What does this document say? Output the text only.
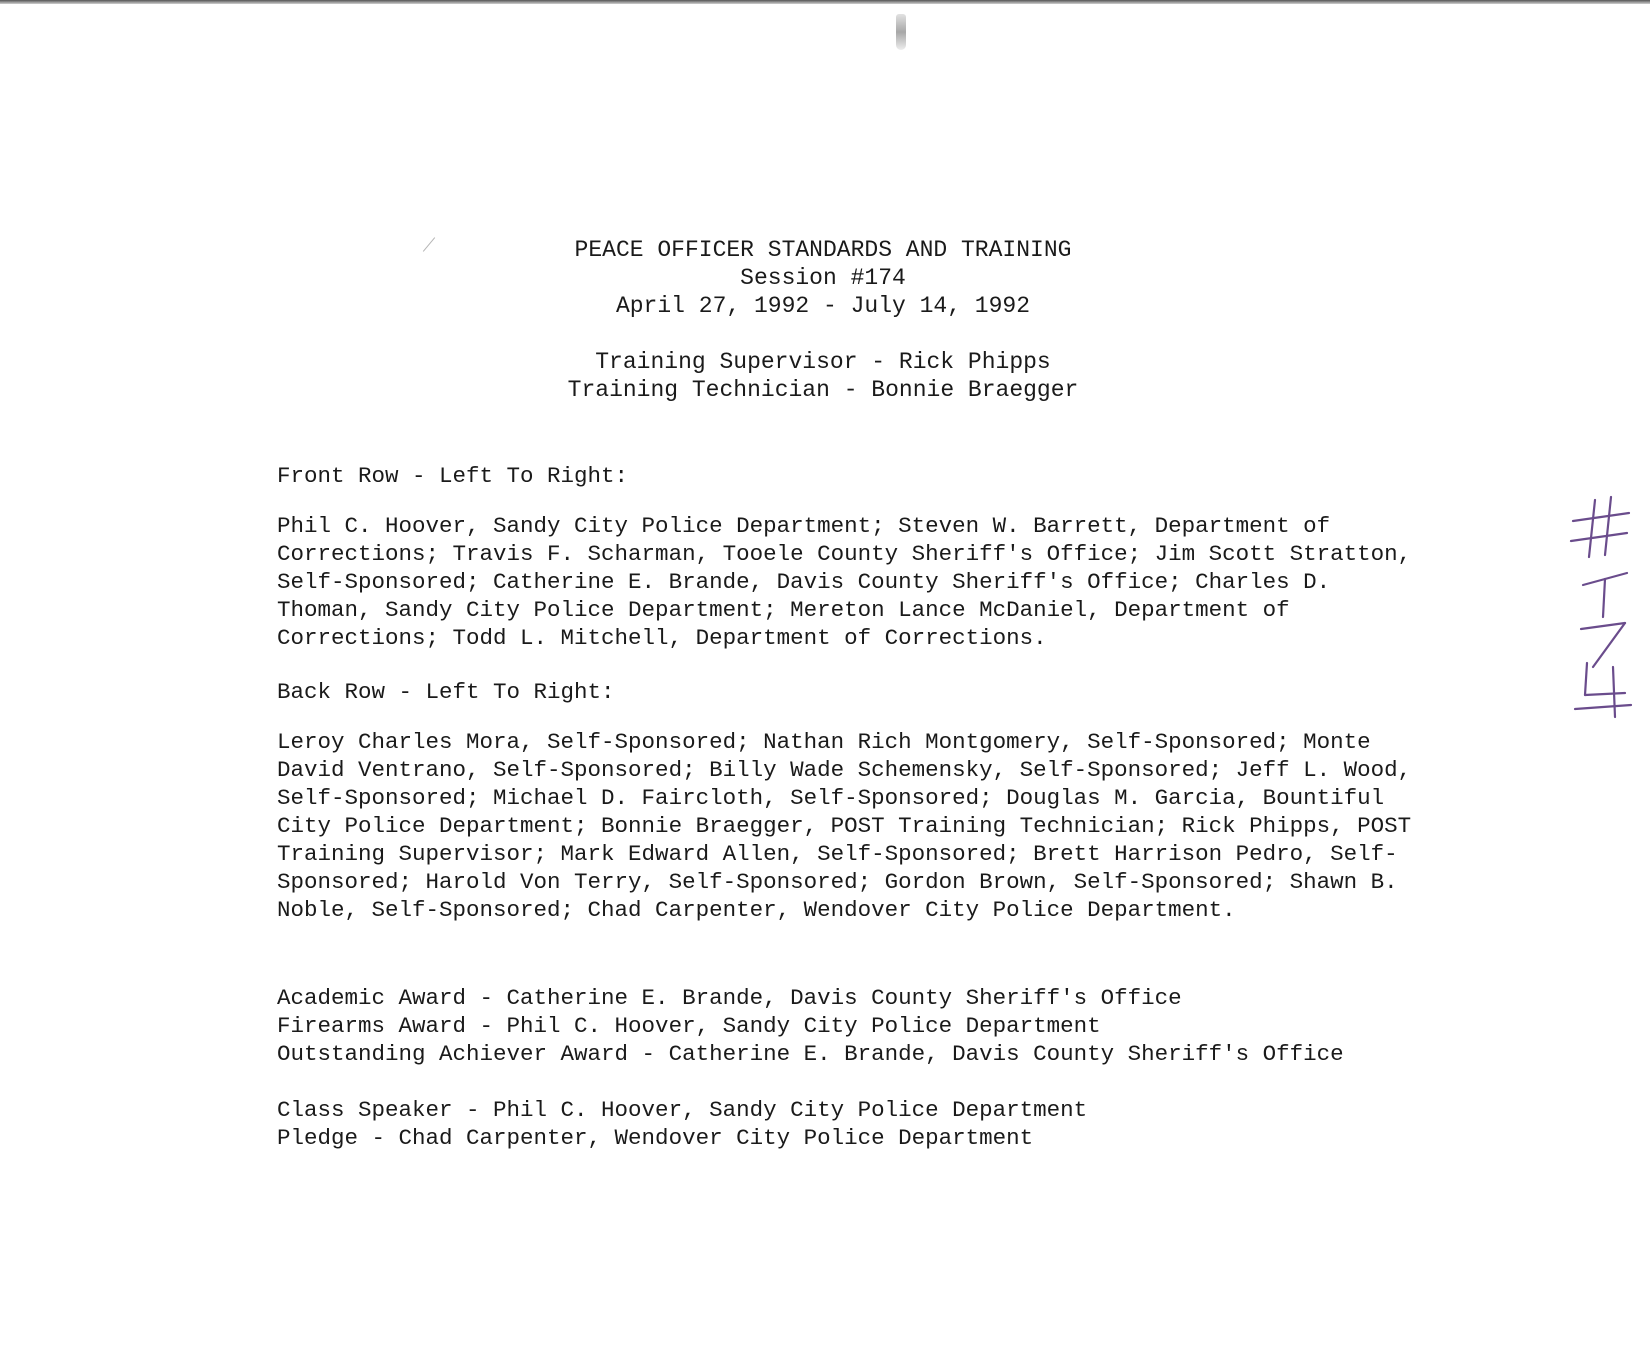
PEACE OFFICER STANDARDS AND TRAINING
Session #174
April 27, 1992 - July 14, 1992
Training Supervisor - Rick Phipps
Training Technician - Bonnie Braegger

Front Row - Left To Right:

Phil C. Hoover, Sandy City Police Department; Steven W. Barrett, Department of Corrections; Travis F. Scharman, Tooele County Sheriff's Office; Jim Scott Stratton, Self-Sponsored; Catherine E. Brande, Davis County Sheriff's Office; Charles D. Thoman, Sandy City Police Department; Mereton Lance McDaniel, Department of Corrections; Todd L. Mitchell, Department of Corrections.

Back Row - Left To Right:

Leroy Charles Mora, Self-Sponsored; Nathan Rich Montgomery, Self-Sponsored; Monte David Ventrano, Self-Sponsored; Billy Wade Schemensky, Self-Sponsored; Jeff L. Wood, Self-Sponsored; Michael D. Faircloth, Self-Sponsored; Douglas M. Garcia, Bountiful City Police Department; Bonnie Braegger, POST Training Technician; Rick Phipps, POST Training Supervisor; Mark Edward Allen, Self-Sponsored; Brett Harrison Pedro, Self-Sponsored; Harold Von Terry, Self-Sponsored; Gordon Brown, Self-Sponsored; Shawn B. Noble, Self-Sponsored; Chad Carpenter, Wendover City Police Department.

Academic Award - Catherine E. Brande, Davis County Sheriff's Office
Firearms Award - Phil C. Hoover, Sandy City Police Department
Outstanding Achiever Award - Catherine E. Brande, Davis County Sheriff's Office
Class Speaker - Phil C. Hoover, Sandy City Police Department
Pledge - Chad Carpenter, Wendover City Police Department
